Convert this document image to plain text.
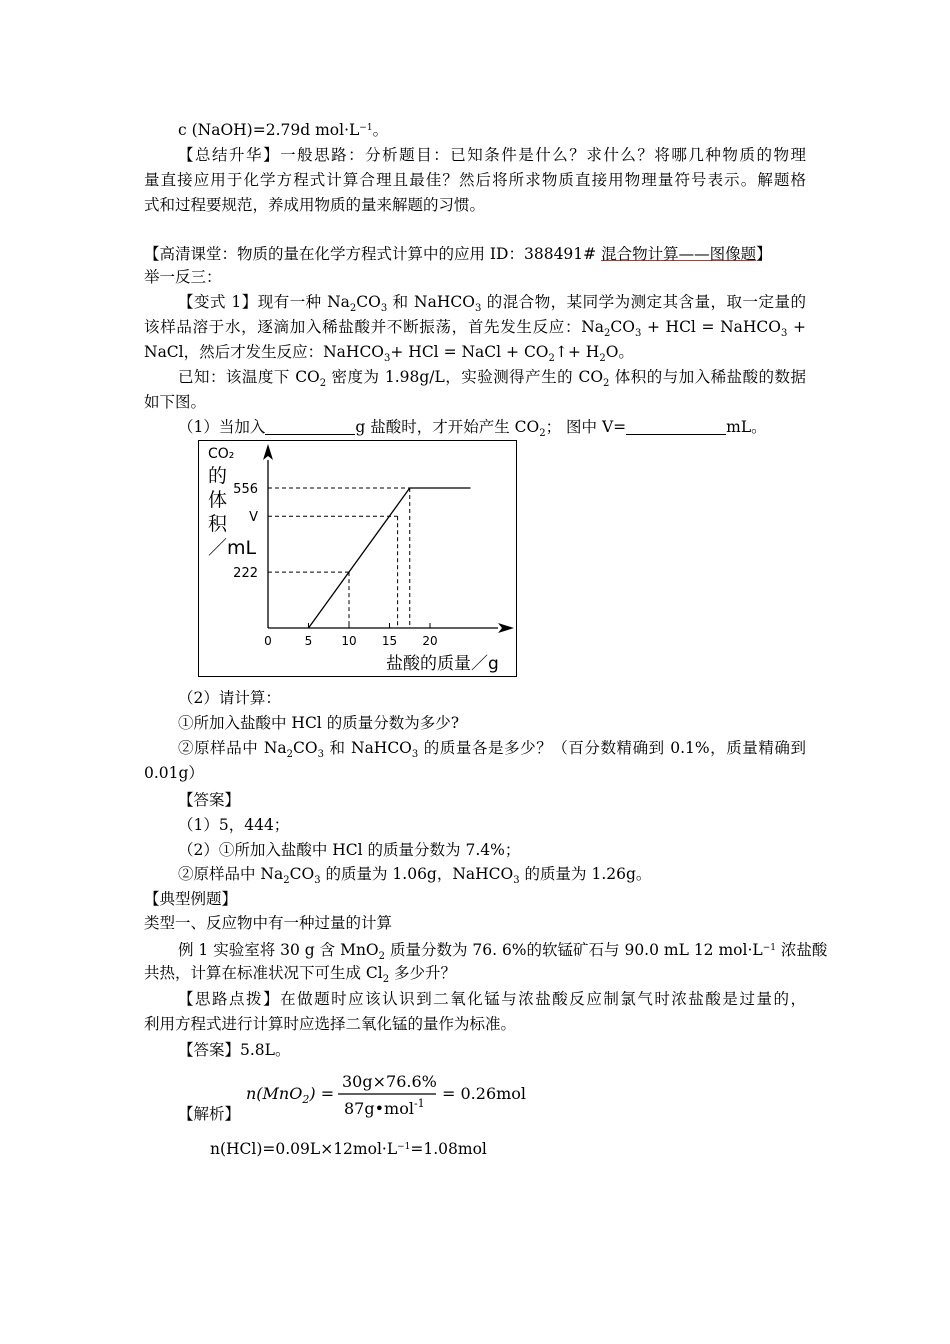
c (NaOH)=2.79d $mol\cdot L^{-1}$。
【总结升华】一般思路：分析题目：已知条件是什么？求什么？将哪几种物质的物理
量直接应用于化学方程式计算合理且最佳？然后将所求物质直接用物理量符号表示。解题格
式和过程要规范，养成用物质的量来解题的习惯。
【高清课堂：物质的量在化学方程式计算中的应用 ID：388491# 混合物计算——图像题】
举一反三：
【变式 1】现有一种 $Na_2CO_3$ 和 NaHCO$_3$ 的混合物，某同学为测定其含量，取一定量的
该样品溶于水，逐滴加入稀盐酸并不断振荡，首先发生反应：$Na_2CO_3$ + HCl = NaHCO$_3$ +
NaCl，然后才发生反应：NaHCO$_3$+ HCl = NaCl + $CO_2↑+ H_2O$。
已知：该温度下 $CO_2$ 密度为 1.98g/L，实验测得产生的 $CO_2$ 体积的与加入稀盐酸的数据
如下图。
（1）当加入	g 盐酸时，才开始产生 $CO_2$； 图中 V=	mL。
CO₂
的
体
积
／mL
盐酸的质量／g
0	5 10 15 20
222
V
556
（2）请计算：
①所加入盐酸中 HCl 的质量分数为多少?
②原样品中 $Na_2CO_3$ 和 NaHCO$_3$ 的质量各是多少？（百分数精确到 0.1%，质量精确到
0.01g）
【答案】
（1）5，444；
（2）①所加入盐酸中 HCl 的质量分数为 7.4%；
②原样品中 $Na_2CO_3$ 的质量为 1.06g，NaHCO$_3$ 的质量为 1.26g。
【典型例题】
类型一、反应物中有一种过量的计算
例 1 实验室将 30 g 含 MnO$_2$ 质量分数为 76. 6%的软锰矿石与 90.0 mL 12 $mol\cdot L^{-1}$ 浓盐酸
共热，计算在标准状况下可生成 $Cl_2$ 多少升？
【思路点拨】在做题时应该认识到二氧化锰与浓盐酸反应制氯气时浓盐酸是过量的，
利用方程式进行计算时应选择二氧化锰的量作为标准。
【答案】5.8L。
n(MnO$_2$) =
30g×76.6%
87g•mol$^{-1}$
= 0.26mol
【解析】
$n(HCl)=0.09L\times 12mol\cdot L^{-1}=1.08mol$
